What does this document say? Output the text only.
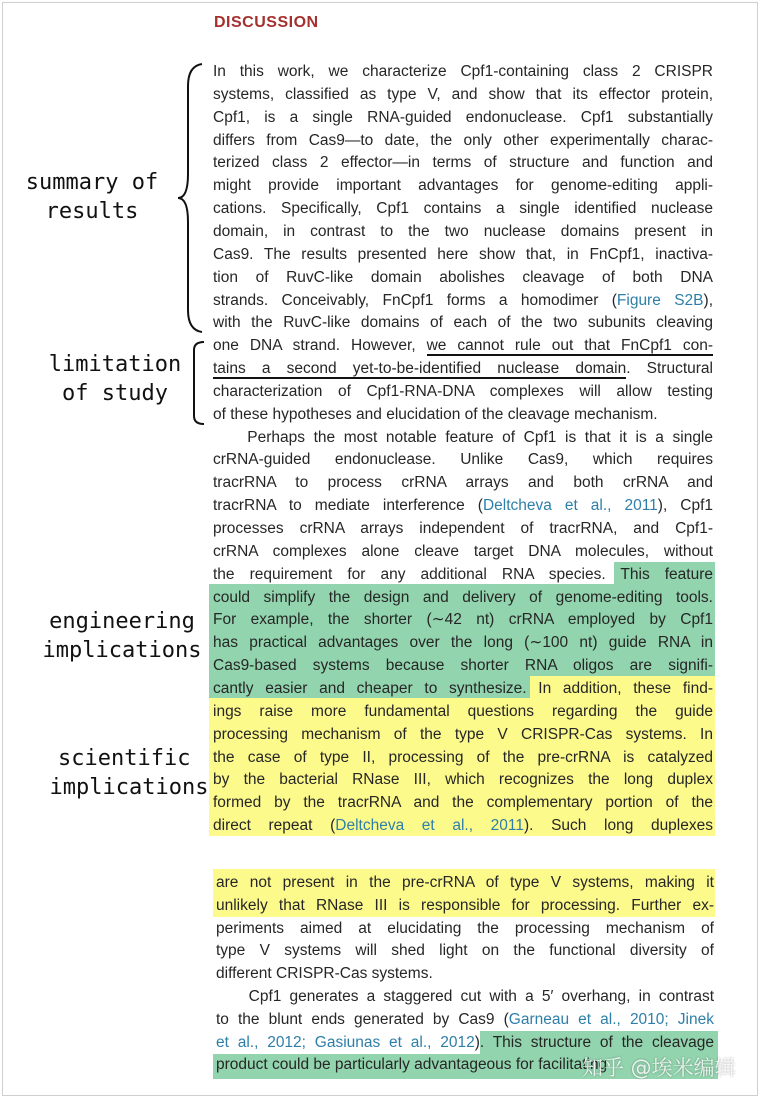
DISCUSSION
In this work, we characterize Cpf1-containing class 2 CRISPR
systems, classified as type V, and show that its effector protein,
Cpf1, is a single RNA-guided endonuclease. Cpf1 substantially
differs from Cas9—to date, the only other experimentally charac-
terized class 2 effector—in terms of structure and function and
might provide important advantages for genome-editing appli-
cations. Specifically, Cpf1 contains a single identified nuclease
domain, in contrast to the two nuclease domains present in
Cas9. The results presented here show that, in FnCpf1, inactiva-
tion of RuvC-like domain abolishes cleavage of both DNA
strands. Conceivably, FnCpf1 forms a homodimer (Figure S2B),
with the RuvC-like domains of each of the two subunits cleaving
one DNA strand. However, we cannot rule out that FnCpf1 con-
tains a second yet-to-be-identified nuclease domain. Structural
characterization of Cpf1-RNA-DNA complexes will allow testing
of these hypotheses and elucidation of the cleavage mechanism.
Perhaps the most notable feature of Cpf1 is that it is a single
crRNA-guided endonuclease. Unlike Cas9, which requires
tracrRNA to process crRNA arrays and both crRNA and
tracrRNA to mediate interference (Deltcheva et al., 2011), Cpf1
processes crRNA arrays independent of tracrRNA, and Cpf1-
crRNA complexes alone cleave target DNA molecules, without
the requirement for any additional RNA species. This feature
could simplify the design and delivery of genome-editing tools.
For example, the shorter (∼42 nt) crRNA employed by Cpf1
has practical advantages over the long (∼100 nt) guide RNA in
Cas9-based systems because shorter RNA oligos are signifi-
cantly easier and cheaper to synthesize. In addition, these find-
ings raise more fundamental questions regarding the guide
processing mechanism of the type V CRISPR-Cas systems. In
the case of type II, processing of the pre-crRNA is catalyzed
by the bacterial RNase III, which recognizes the long duplex
formed by the tracrRNA and the complementary portion of the
direct repeat (Deltcheva et al., 2011). Such long duplexes
are not present in the pre-crRNA of type V systems, making it
unlikely that RNase III is responsible for processing. Further ex-
periments aimed at elucidating the processing mechanism of
type V systems will shed light on the functional diversity of
different CRISPR-Cas systems.
Cpf1 generates a staggered cut with a 5′ overhang, in contrast
to the blunt ends generated by Cas9 (Garneau et al., 2010; Jinek
et al., 2012; Gasiunas et al., 2012). This structure of the cleavage
product could be particularly advantageous for facilitating
summary of
results
limitation
of study
engineering
implications
scientific
implications
知乎 @埃米编辑
